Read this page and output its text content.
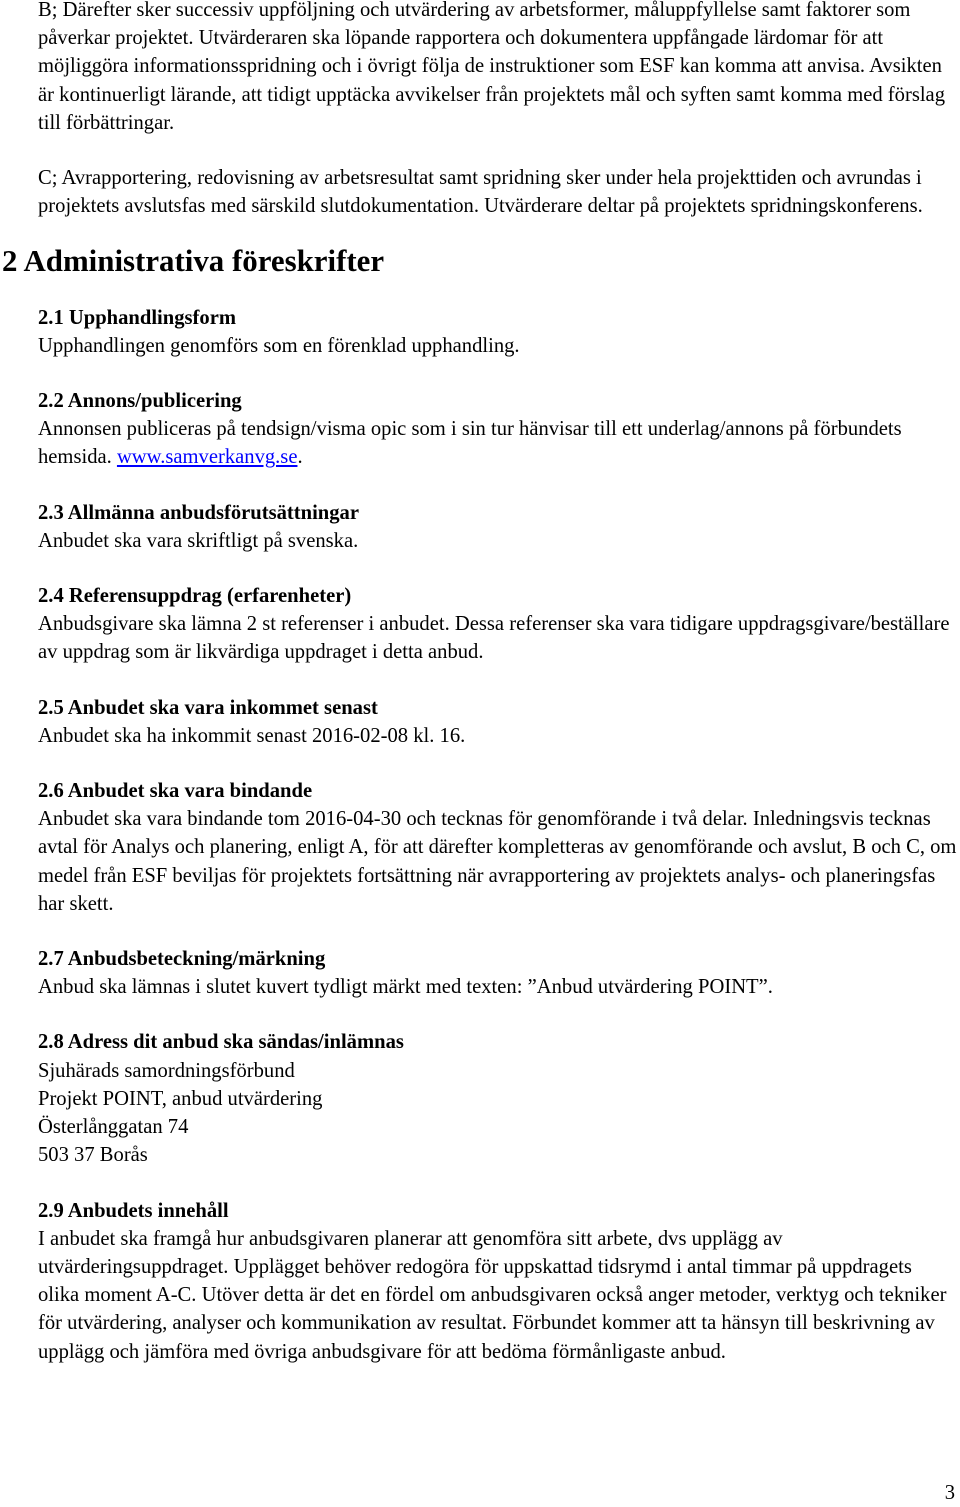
B; Därefter sker successiv uppföljning och utvärdering av arbetsformer, måluppfyllelse samt faktorer som påverkar projektet. Utvärderaren ska löpande rapportera och dokumentera uppfångade lärdomar för att möjliggöra informationsspridning och i övrigt följa de instruktioner som ESF kan komma att anvisa. Avsikten är kontinuerligt lärande, att tidigt upptäcka avvikelser från projektets mål och syften samt komma med förslag till förbättringar.

C; Avrapportering, redovisning av arbetsresultat samt spridning sker under hela projekttiden och avrundas i projektets avslutsfas med särskild slutdokumentation. Utvärderare deltar på projektets spridningskonferens.

2 Administrativa föreskrifter
2.1 Upphandlingsform

Upphandlingen genomförs som en förenklad upphandling.

2.2 Annons/publicering

Annonsen publiceras på tendsign/visma opic som i sin tur hänvisar till ett underlag/annons på förbundets hemsida. www.samverkanvg.se.

2.3 Allmänna anbudsförutsättningar

Anbudet ska vara skriftligt på svenska.

2.4 Referensuppdrag (erfarenheter)

Anbudsgivare ska lämna 2 st referenser i anbudet. Dessa referenser ska vara tidigare uppdragsgivare/beställare av uppdrag som är likvärdiga uppdraget i detta anbud.

2.5 Anbudet ska vara inkommet senast

Anbudet ska ha inkommit senast 2016-02-08 kl. 16.

2.6 Anbudet ska vara bindande

Anbudet ska vara bindande tom 2016-04-30 och tecknas för genomförande i två delar. Inledningsvis tecknas avtal för Analys och planering, enligt A, för att därefter kompletteras av genomförande och avslut, B och C, om medel från ESF beviljas för projektets fortsättning när avrapportering av projektets analys- och planeringsfas har skett.

2.7 Anbudsbeteckning/märkning

Anbud ska lämnas i slutet kuvert tydligt märkt med texten: ”Anbud utvärdering POINT”.

2.8 Adress dit anbud ska sändas/inlämnas

Sjuhärads samordningsförbund

Projekt POINT, anbud utvärdering

Österlånggatan 74

503 37 Borås

2.9 Anbudets innehåll

I anbudet ska framgå hur anbudsgivaren planerar att genomföra sitt arbete, dvs upplägg av utvärderingsuppdraget. Upplägget behöver redogöra för uppskattad tidsrymd i antal timmar på uppdragets olika moment A-C. Utöver detta är det en fördel om anbudsgivaren också anger metoder, verktyg och tekniker för utvärdering, analyser och kommunikation av resultat. Förbundet kommer att ta hänsyn till beskrivning av upplägg och jämföra med övriga anbudsgivare för att bedöma förmånligaste anbud.

3
